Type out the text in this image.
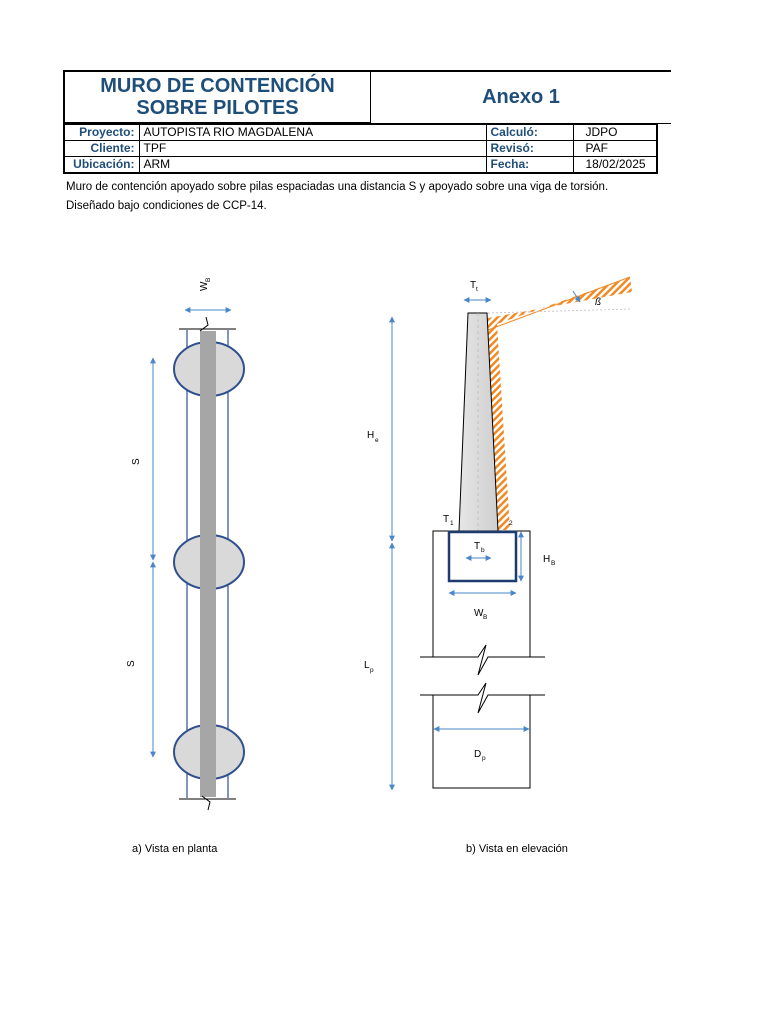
MURO DE CONTENCIÓN
SOBRE PILOTES	Anexo 1
Proyecto:	AUTOPISTA RIO MAGDALENA	Calculó:	JDPO
Cliente:	TPF	Revisó:	PAF
Ubicación:	ARM	Fecha:	18/02/2025
Muro de contención apoyado sobre pilas espaciadas una distancia S y apoyado sobre una viga de torsión.
Diseñado bajo condiciones de CCP-14.
W
B
S
S
T t
ß
H e
T 1	2
T b
H B
W B
L p
D p
a) Vista en planta	b) Vista en elevación
